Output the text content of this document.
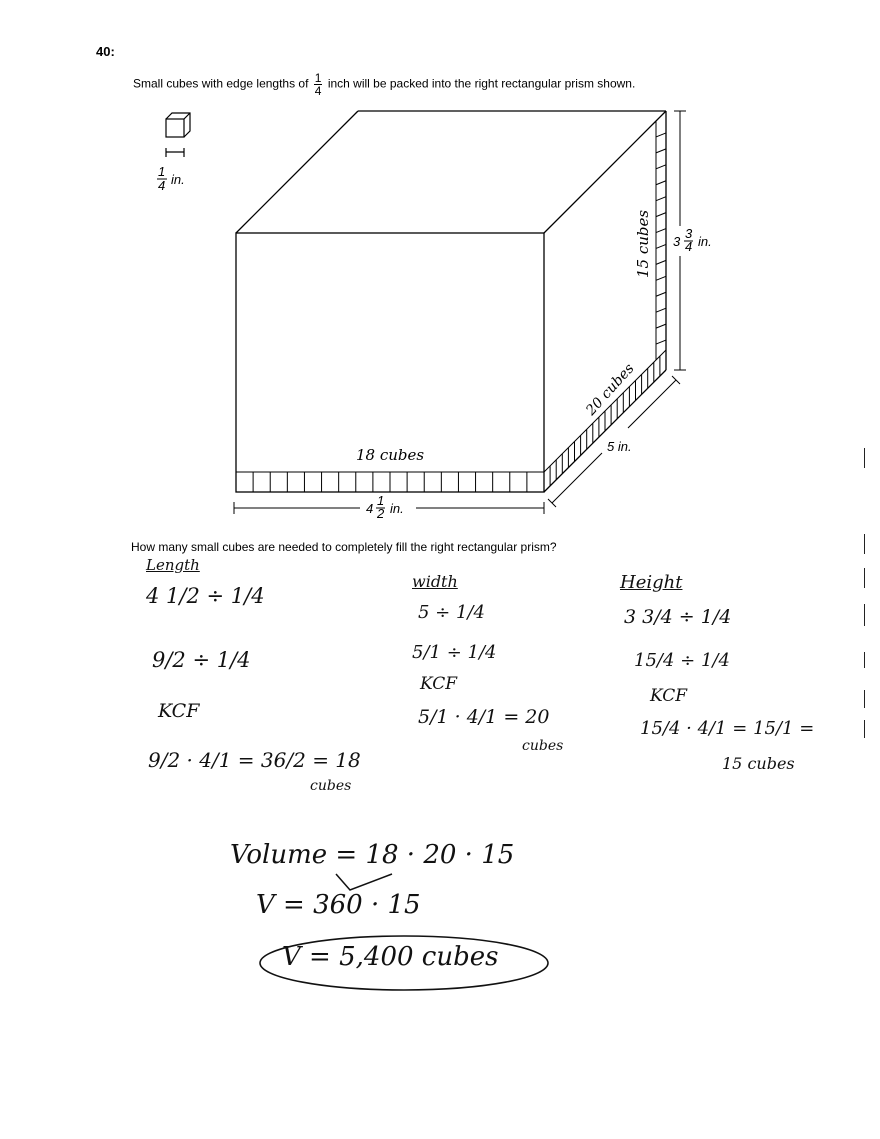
40:
Small cubes with edge lengths of $\frac{1}{4}$ inch will be packed into the right rectangular prism shown.
1
4 in.
4
1
2 in.
5 in.
3
3
4 in.
18 cubes
20 cubes
15 cubes
How many small cubes are needed to completely fill the right rectangular prism?
Length
4 1/2 ÷ 1/4
9/2 ÷ 1/4
KCF
9/2 · 4/1 = 36/2 = 18
cubes
width
5 ÷ 1/4
5/1 ÷ 1/4
KCF
5/1 · 4/1 = 20
cubes
Height
3 3/4 ÷ 1/4
15/4 ÷ 1/4
KCF
15/4 · 4/1 = 15/1 =
15 cubes
Volume = 18 · 20 · 15
V = 360 · 15
V = 5,400 cubes
